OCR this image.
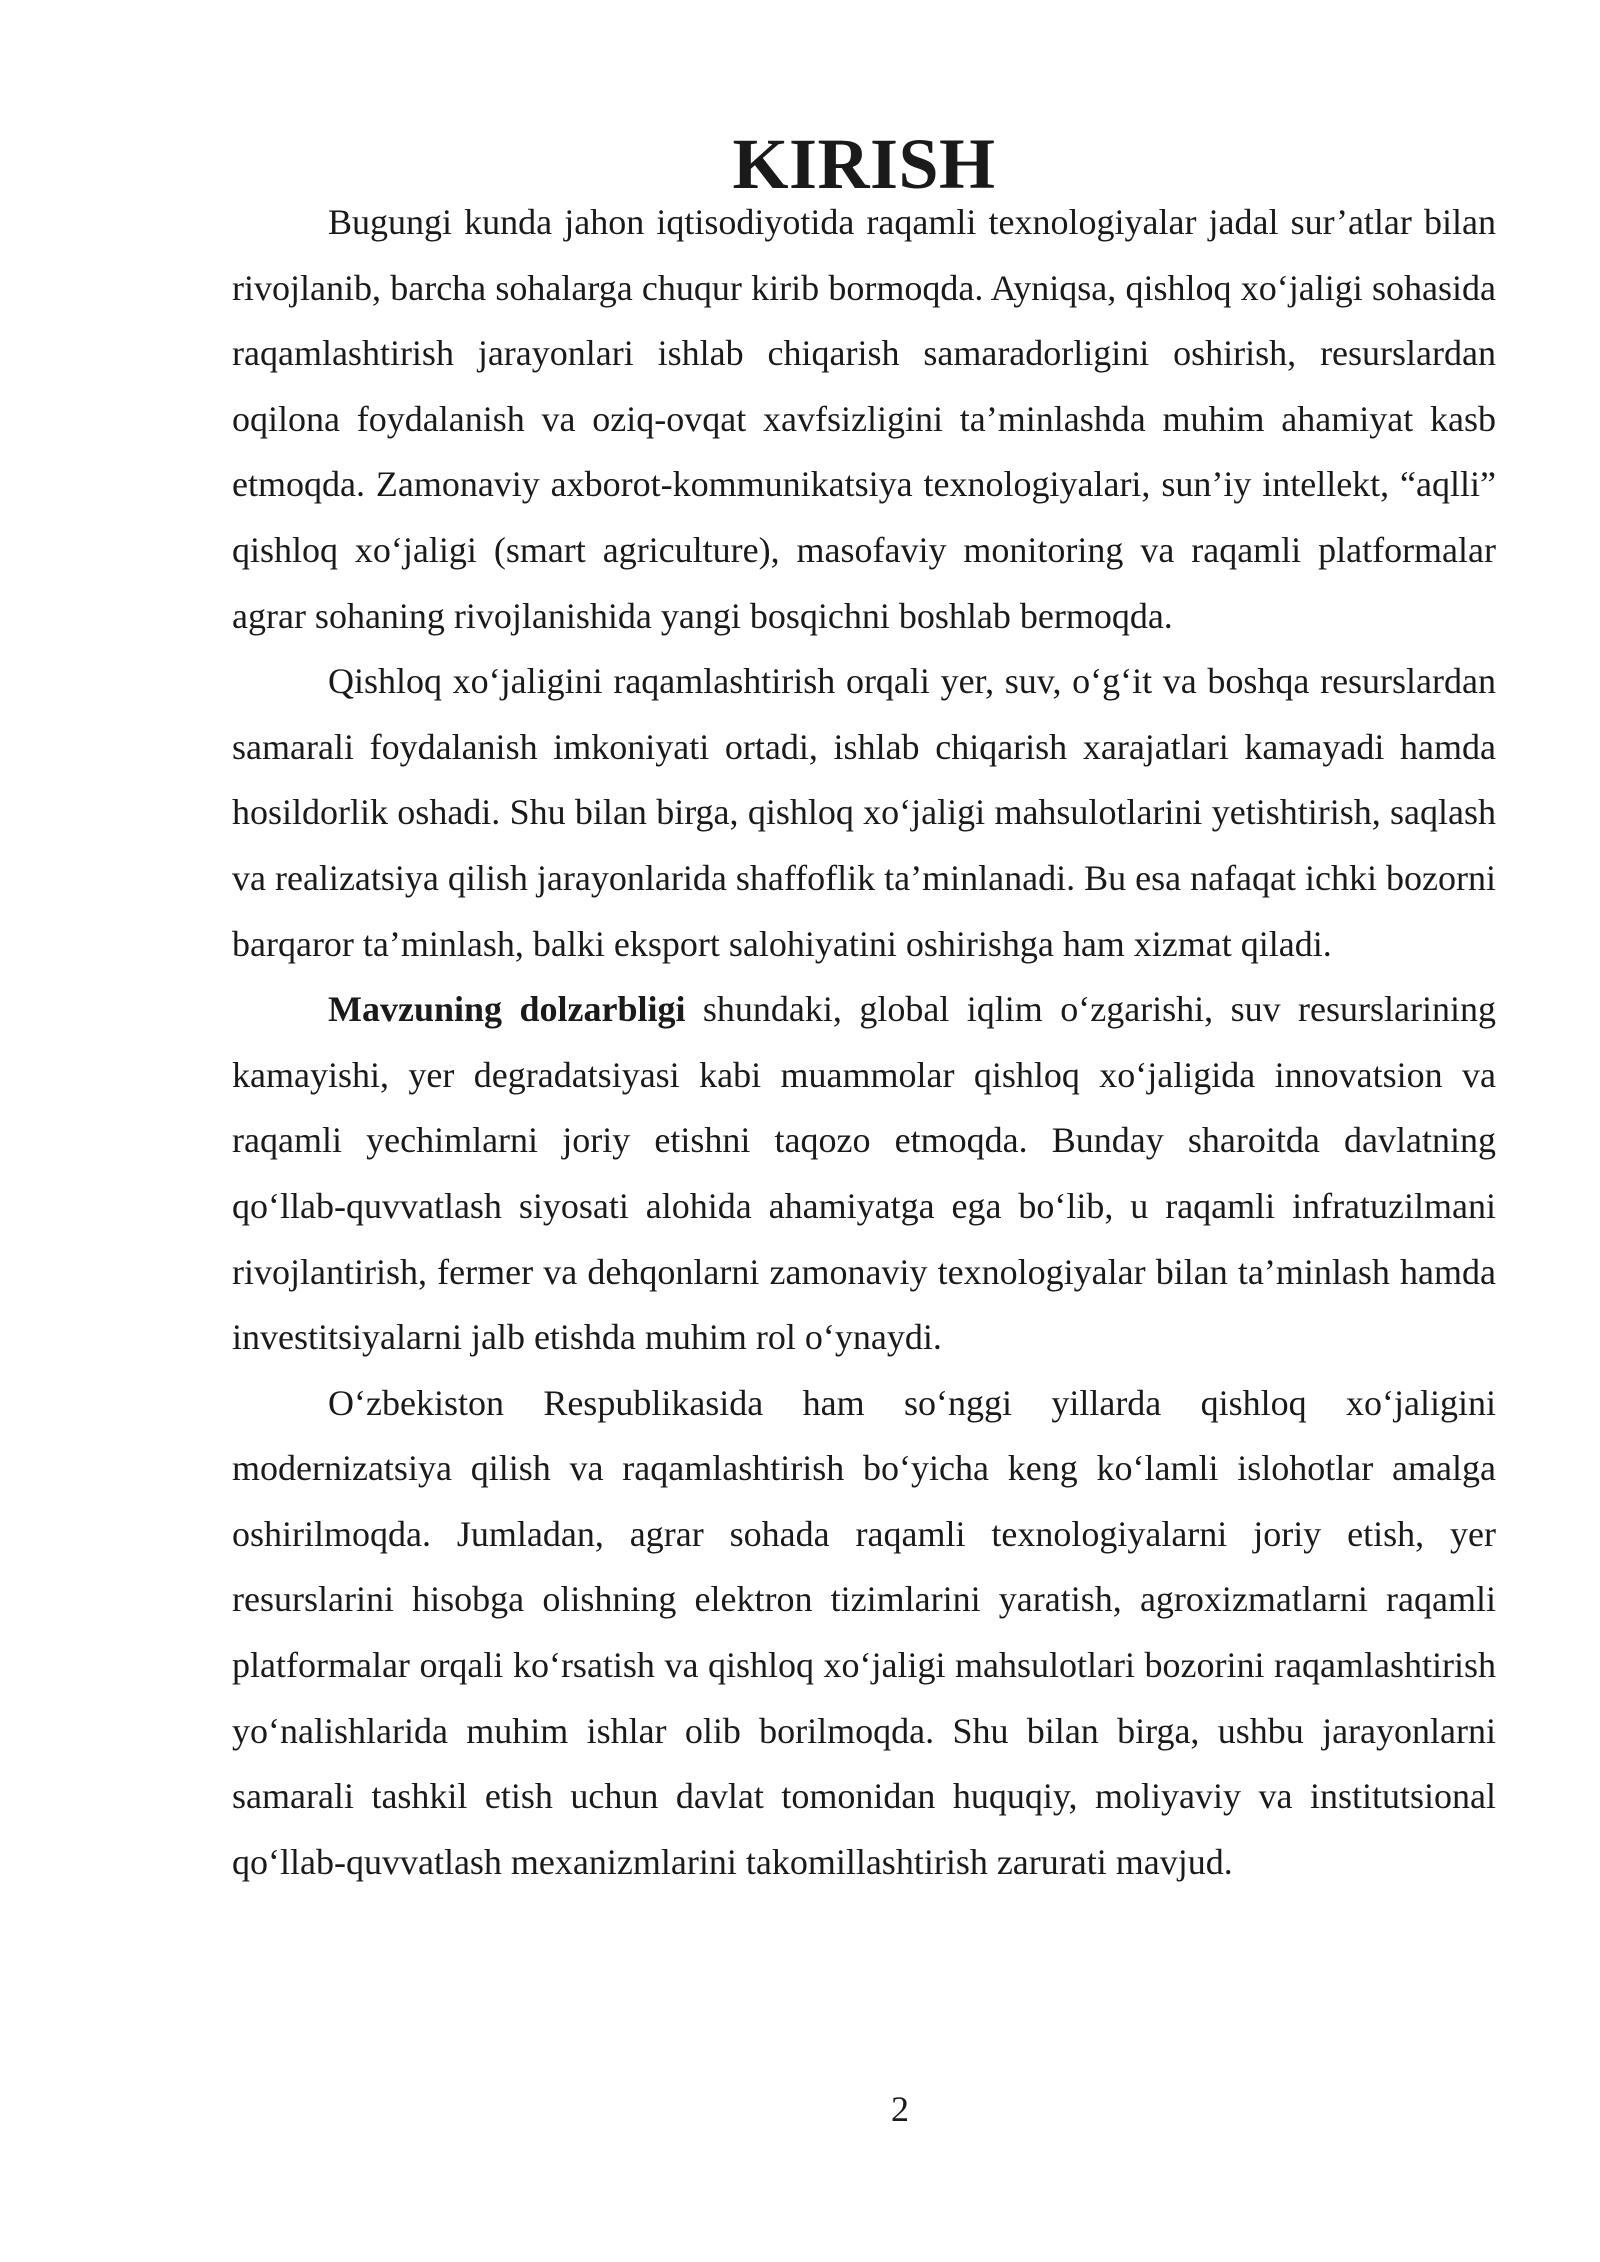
KIRISH

Bugungi kunda jahon iqtisodiyotida raqamli texnologiyalar jadal sur’atlar bilan rivojlanib, barcha sohalarga chuqur kirib bormoqda. Ayniqsa, qishloq xo‘jaligi sohasida raqamlashtirish jarayonlari ishlab chiqarish samaradorligini oshirish, resurslardan oqilona foydalanish va oziq-ovqat xavfsizligini ta’minlashda muhim ahamiyat kasb etmoqda. Zamonaviy axborot-kommunikatsiya texnologiyalari, sun’iy intellekt, “aqlli” qishloq xo‘jaligi (smart agriculture), masofaviy monitoring va raqamli platformalar agrar sohaning rivojlanishida yangi bosqichni boshlab bermoqda.

Qishloq xo‘jaligini raqamlashtirish orqali yer, suv, o‘g‘it va boshqa resurslardan samarali foydalanish imkoniyati ortadi, ishlab chiqarish xarajatlari kamayadi hamda hosildorlik oshadi. Shu bilan birga, qishloq xo‘jaligi mahsulotlarini yetishtirish, saqlash va realizatsiya qilish jarayonlarida shaffoflik ta’minlanadi. Bu esa nafaqat ichki bozorni barqaror ta’minlash, balki eksport salohiyatini oshirishga ham xizmat qiladi.

Mavzuning dolzarbligi shundaki, global iqlim o‘zgarishi, suv resurslarining kamayishi, yer degradatsiyasi kabi muammolar qishloq xo‘jaligida innovatsion va raqamli yechimlarni joriy etishni taqozo etmoqda. Bunday sharoitda davlatning qo‘llab-quvvatlash siyosati alohida ahamiyatga ega bo‘lib, u raqamli infratuzilmani rivojlantirish, fermer va dehqonlarni zamonaviy texnologiyalar bilan ta’minlash hamda investitsiyalarni jalb etishda muhim rol o‘ynaydi.

O‘zbekiston Respublikasida ham so‘nggi yillarda qishloq xo‘jaligini modernizatsiya qilish va raqamlashtirish bo‘yicha keng ko‘lamli islohotlar amalga oshirilmoqda. Jumladan, agrar sohada raqamli texnologiyalarni joriy etish, yer resurslarini hisobga olishning elektron tizimlarini yaratish, agroxizmatlarni raqamli platformalar orqali ko‘rsatish va qishloq xo‘jaligi mahsulotlari bozorini raqamlashtirish yo‘nalishlarida muhim ishlar olib borilmoqda. Shu bilan birga, ushbu jarayonlarni samarali tashkil etish uchun davlat tomonidan huquqiy, moliyaviy va institutsional qo‘llab-quvvatlash mexanizmlarini takomillashtirish zarurati mavjud.

2
